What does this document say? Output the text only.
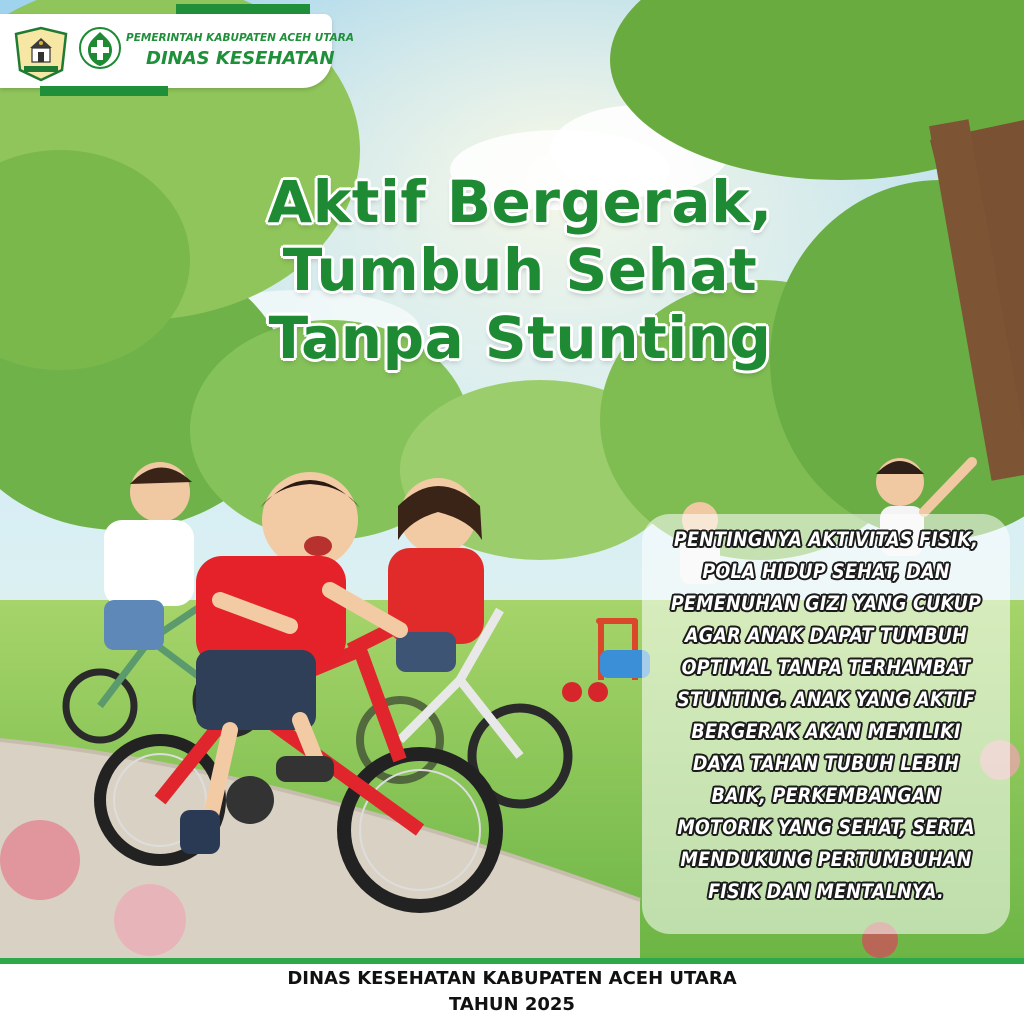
PEMERINTAH KABUPATEN ACEH UTARA
DINAS KESEHATAN
Aktif Bergerak,
Tumbuh Sehat
Tanpa Stunting
PENTINGNYA AKTIVITAS FISIK,
POLA HIDUP SEHAT, DAN
PEMENUHAN GIZI YANG CUKUP
AGAR ANAK DAPAT TUMBUH
OPTIMAL TANPA TERHAMBAT
STUNTING. ANAK YANG AKTIF
BERGERAK AKAN MEMILIKI
DAYA TAHAN TUBUH LEBIH
BAIK, PERKEMBANGAN
MOTORIK YANG SEHAT, SERTA
MENDUKUNG PERTUMBUHAN
FISIK DAN MENTALNYA.
DINAS KESEHATAN KABUPATEN ACEH UTARA
TAHUN 2025
